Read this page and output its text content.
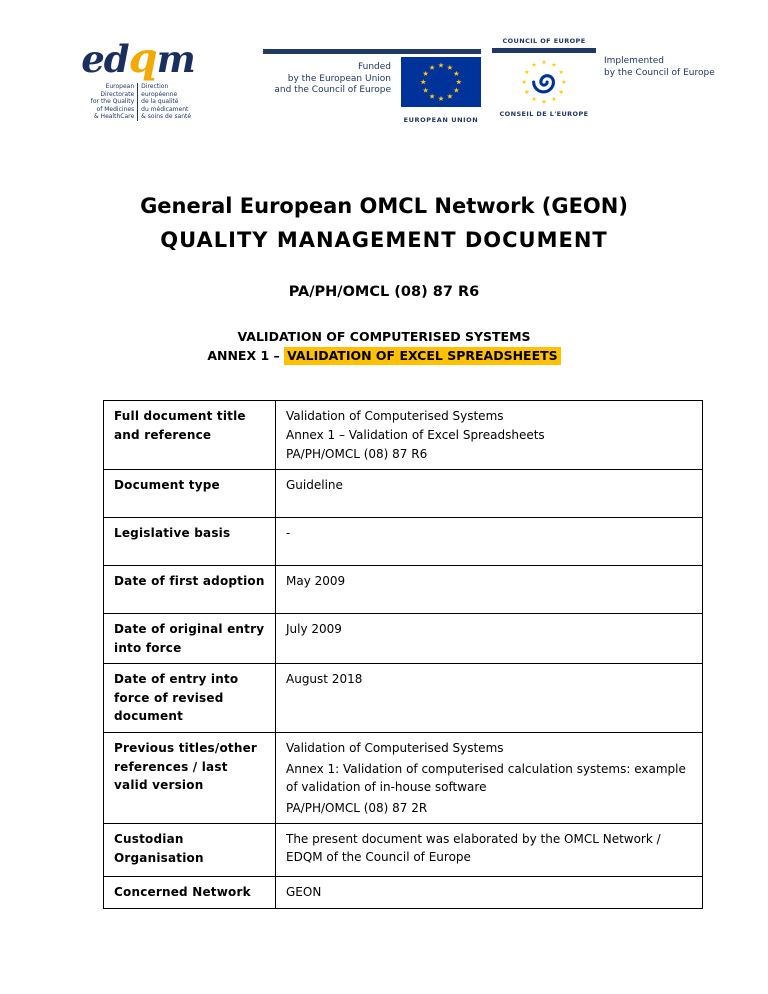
edqm
European Directorate
for the Quality
of Medicines
& HealthCare
Direction européenne
de la qualité
du médicament
& soins de santé
Funded
by the European Union
and the Council of Europe
EUROPEAN UNION
COUNCIL OF EUROPE
CONSEIL DE L'EUROPE
Implemented
by the Council of Europe
General European OMCL Network (GEON)
QUALITY MANAGEMENT DOCUMENT
PA/PH/OMCL (08) 87 R6
VALIDATION OF COMPUTERISED SYSTEMS
ANNEX 1 – VALIDATION OF EXCEL SPREADSHEETS
Full document title and reference	Validation of Computerised Systems
Annex 1 – Validation of Excel Spreadsheets
PA/PH/OMCL (08) 87 R6

Document type	Guideline

Legislative basis	-

Date of first adoption	May 2009

Date of original entry into force	July 2009

Date of entry into force of revised document	August 2018

Previous titles/other references / last valid version	Validation of Computerised Systems
Annex 1: Validation of computerised calculation systems: example of validation of in-house software
PA/PH/OMCL (08) 87 2R

Custodian Organisation	The present document was elaborated by the OMCL Network / EDQM of the Council of Europe

Concerned Network	GEON
